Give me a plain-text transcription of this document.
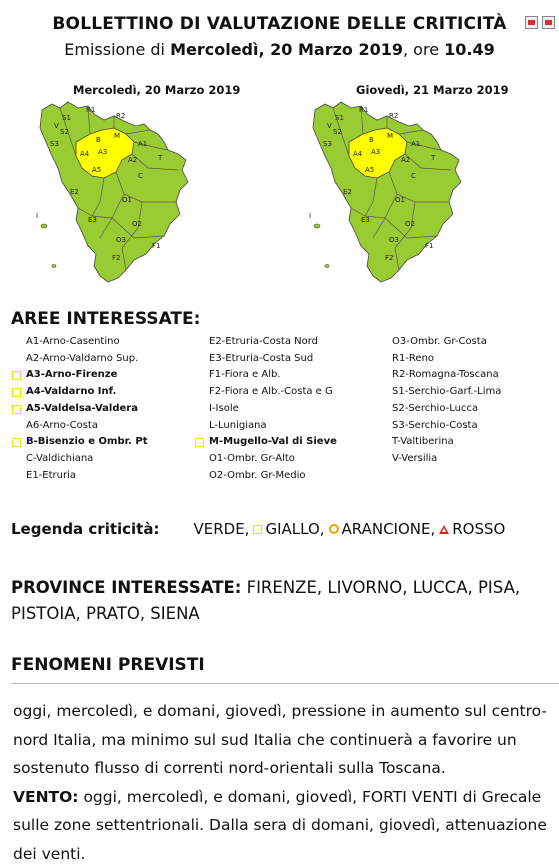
BOLLETTINO DI VALUTAZIONE DELLE CRITICITÀ
Emissione di Mercoledì, 20 Marzo 2019, ore 10.49
Mercoledì, 20 Marzo 2019	Giovedì, 21 Marzo 2019
S1	R2
S2
S3
M
B
R1
A4 A3
A1
A5
A2
E2
C
T
O1
V
I	E3	O2
O3
F1
F2
S1	R2
S2
S3
M
B
R1
A4 A3
A1
A5
A2
E2
C
T
O1
V
I	E3	O2
O3
F1
F2
AREE INTERESSATE:
A1-Arno-Casentino
A2-Arno-Valdarno Sup.
A3-Arno-Firenze
A4-Valdarno Inf.
A5-Valdelsa-Valdera
A6-Arno-Costa
B-Bisenzio e Ombr. Pt
C-Valdichiana
E1-Etruria
E2-Etruria-Costa Nord
E3-Etruria-Costa Sud
F1-Fiora e Alb.
F2-Fiora e Alb.-Costa e G
I-Isole
L-Lunigiana
M-Mugello-Val di Sieve
O1-Ombr. Gr-Alto
O2-Ombr. Gr-Medio
O3-Ombr. Gr-Costa
R1-Reno
R2-Romagna-Toscana
S1-Serchio-Garf.-Lima
S2-Serchio-Lucca
S3-Serchio-Costa
T-Valtiberina
V-Versilia
Legenda criticità: VERDE, GIALLO, ARANCIONE, ROSSO
PROVINCE INTERESSATE: FIRENZE, LIVORNO, LUCCA, PISA, PISTOIA, PRATO, SIENA
FENOMENI PREVISTI
oggi, mercoledì, e domani, giovedì, pressione in aumento sul centro-nord Italia, ma minimo sul sud Italia che continuerà a favorire un sostenuto flusso di correnti nord-orientali sulla Toscana.
VENTO: oggi, mercoledì, e domani, giovedì, FORTI VENTI di Grecale sulle zone settentrionali. Dalla sera di domani, giovedì, attenuazione dei venti.
